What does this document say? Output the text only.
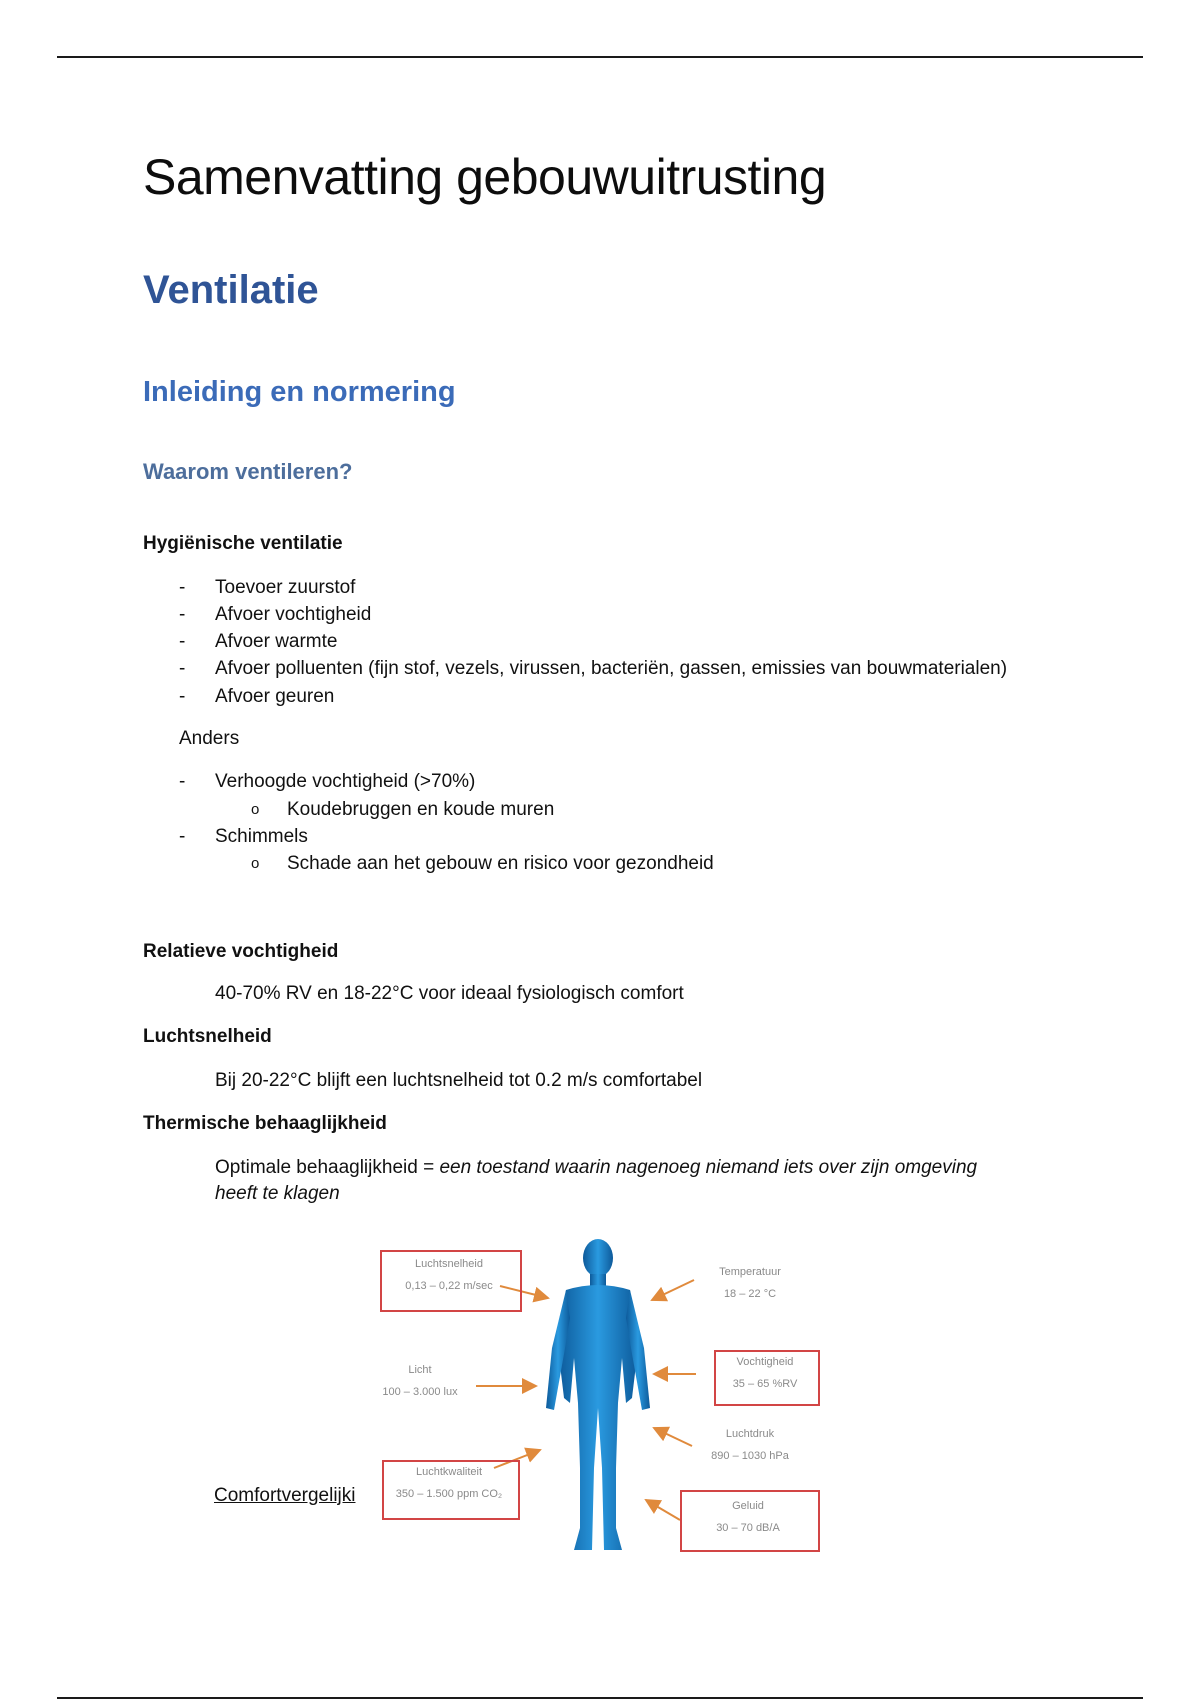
Samenvatting gebouwuitrusting
Ventilatie
Inleiding en normering
Waarom ventileren?
Hygiënische ventilatie
- Toevoer zuurstof
- Afvoer vochtigheid
- Afvoer warmte
- Afvoer polluenten (fijn stof, vezels, virussen, bacteriën, gassen, emissies van bouwmaterialen)
- Afvoer geuren
Anders
- Verhoogde vochtigheid (>70%)
o Koudebruggen en koude muren
- Schimmels
o Schade aan het gebouw en risico voor gezondheid
Relatieve vochtigheid
40-70% RV en 18-22°C voor ideaal fysiologisch comfort
Luchtsnelheid
Bij 20-22°C blijft een luchtsnelheid tot 0.2 m/s comfortabel
Thermische behaaglijkheid
Optimale behaaglijkheid = een toestand waarin nagenoeg niemand iets over zijn omgeving
heeft te klagen
Comfortvergelijki
Luchtsnelheid
0,13 – 0,22 m/sec
Temperatuur
18 – 22 °C
Licht
100 – 3.000 lux
Vochtigheid
35 – 65 %RV
Luchtdruk
890 – 1030 hPa
Luchtkwaliteit
350 – 1.500 ppm CO₂
Geluid
30 – 70 dB/A
